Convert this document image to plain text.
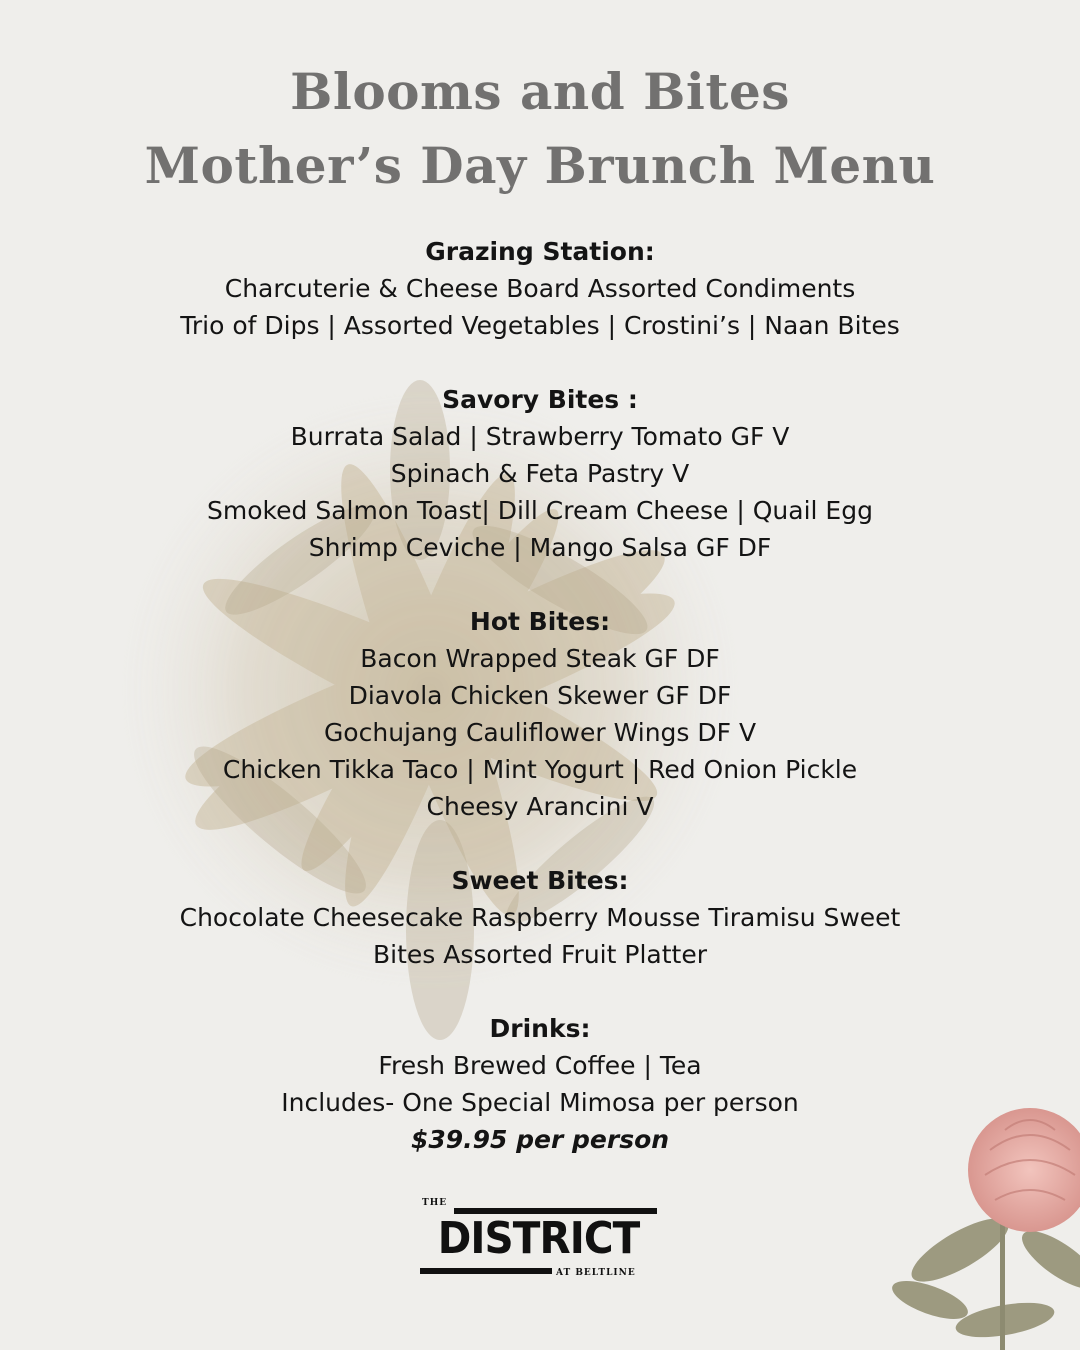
Blooms and Bites
Mother’s Day Brunch Menu
Grazing Station:
Charcuterie & Cheese Board Assorted Condiments
Trio of Dips | Assorted Vegetables | Crostini’s | Naan Bites
Savory Bites :
Burrata Salad | Strawberry Tomato GF V
Spinach & Feta Pastry V
Smoked Salmon Toast| Dill Cream Cheese | Quail Egg
Shrimp Ceviche | Mango Salsa GF DF
Hot Bites:
Bacon Wrapped Steak GF DF
Diavola Chicken Skewer GF DF
Gochujang Cauliflower Wings DF V
Chicken Tikka Taco | Mint Yogurt | Red Onion Pickle
Cheesy Arancini V
Sweet Bites:
Chocolate Cheesecake Raspberry Mousse Tiramisu Sweet
Bites Assorted Fruit Platter
Drinks:
Fresh Brewed Coffee | Tea
Includes- One Special Mimosa per person
$39.95 per person
THE
DISTRICT
AT BELTLINE
